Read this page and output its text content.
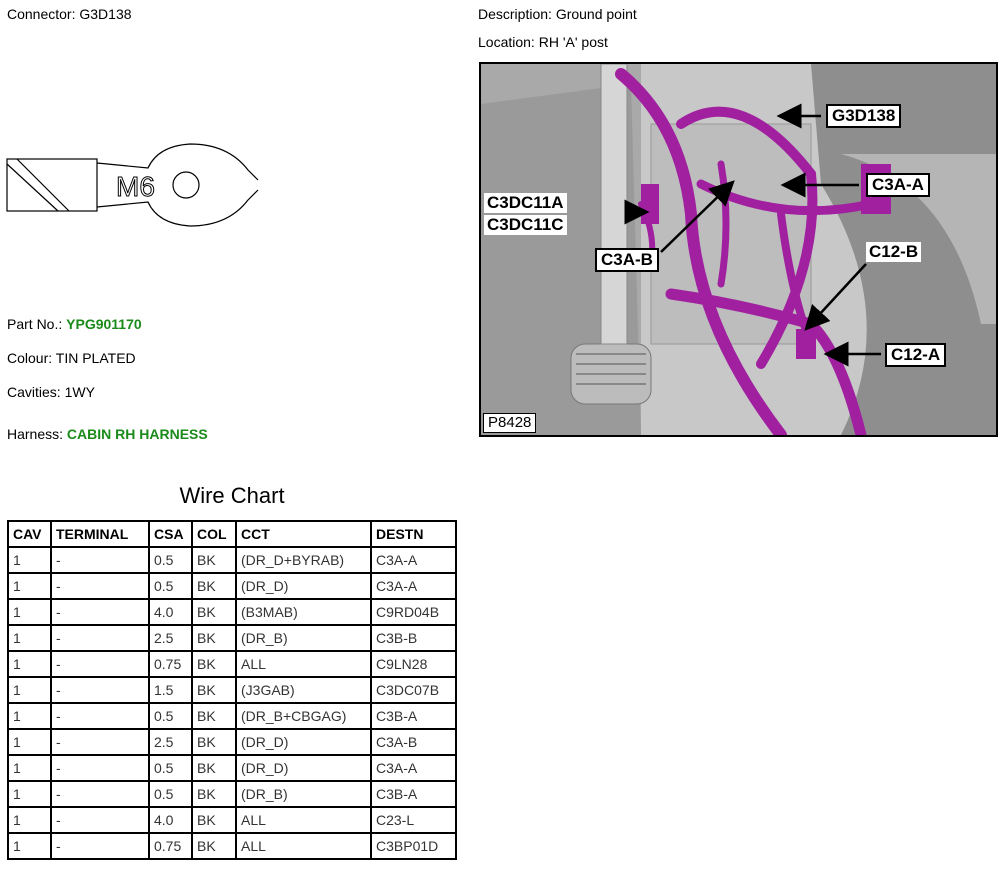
Connector: G3D138	Description: Ground point
Location: RH 'A' post
M6
Part No.: YPG901170
Colour: TIN PLATED
Cavities: 1WY
Harness: CABIN RH HARNESS
G3D138
C3A-A
C3DC11A
C3DC11C
C3A-B	C12-B
C12-A
P8428
Wire Chart
CAV	TERMINAL	CSA	COL	CCT	DESTN
1	-	0.5	BK	(DR_D+BYRAB)	C3A-A
1	-	0.5	BK	(DR_D)	C3A-A
1	-	4.0	BK	(B3MAB)	C9RD04B
1	-	2.5	BK	(DR_B)	C3B-B
1	-	0.75	BK	ALL	C9LN28
1	-	1.5	BK	(J3GAB)	C3DC07B
1	-	0.5	BK	(DR_B+CBGAG)	C3B-A
1	-	2.5	BK	(DR_D)	C3A-B
1	-	0.5	BK	(DR_D)	C3A-A
1	-	0.5	BK	(DR_B)	C3B-A
1	-	4.0	BK	ALL	C23-L
1	-	0.75	BK	ALL	C3BP01D
